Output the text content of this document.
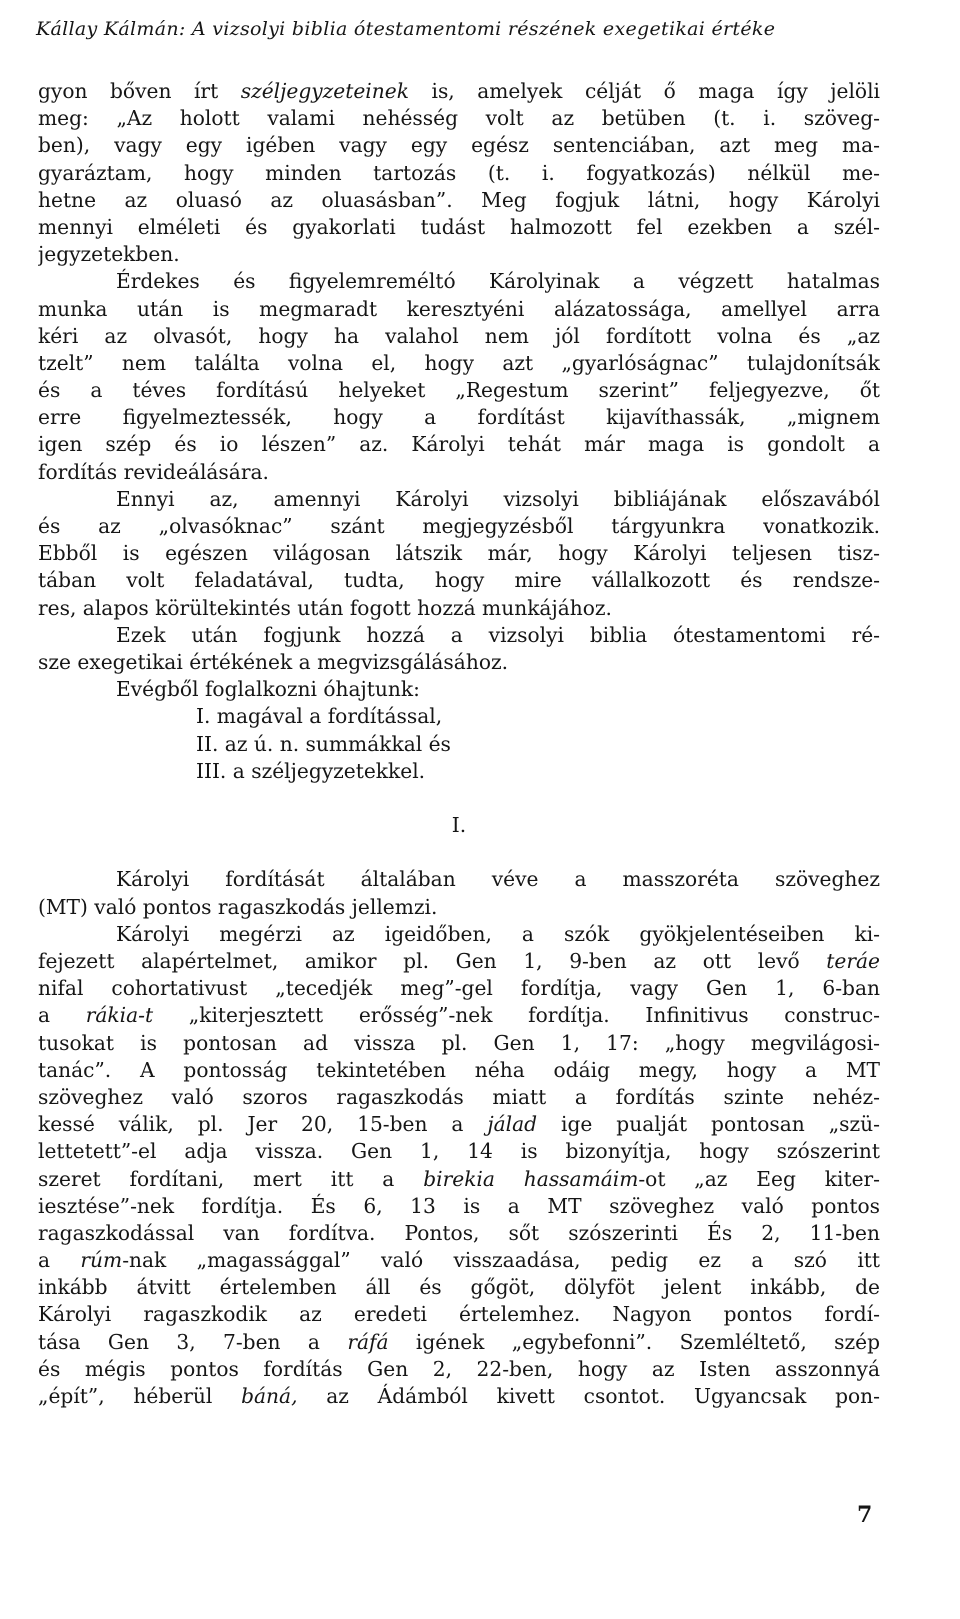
Kállay Kálmán: A vizsolyi biblia ótestamentomi részének exegetikai értéke
gyon bőven írt széljegyzeteinek is, amelyek célját ő maga így jelöli
meg: „Az holott valami nehésség volt az betüben (t. i. szöveg-
ben), vagy egy igében vagy egy egész sentenciában, azt meg ma-
gyaráztam, hogy minden tartozás (t. i. fogyatkozás) nélkül me-
hetne az oluasó az oluasásban”. Meg fogjuk látni, hogy Károlyi
mennyi elméleti és gyakorlati tudást halmozott fel ezekben a szél-
jegyzetekben.
Érdekes és figyelemreméltó Károlyinak a végzett hatalmas
munka után is megmaradt keresztyéni alázatossága, amellyel arra
kéri az olvasót, hogy ha valahol nem jól fordított volna és „az
tzelt” nem találta volna el, hogy azt „gyarlóságnac” tulajdonítsák
és a téves fordítású helyeket „Regestum szerint” feljegyezve, őt
erre figyelmeztessék, hogy a fordítást kijavíthassák, „mignem
igen szép és io lészen” az. Károlyi tehát már maga is gondolt a
fordítás revideálására.
Ennyi az, amennyi Károlyi vizsolyi bibliájának előszavából
és az „olvasóknac” szánt megjegyzésből tárgyunkra vonatkozik.
Ebből is egészen világosan látszik már, hogy Károlyi teljesen tisz-
tában volt feladatával, tudta, hogy mire vállalkozott és rendsze-
res, alapos körültekintés után fogott hozzá munkájához.
Ezek után fogjunk hozzá a vizsolyi biblia ótestamentomi ré-
sze exegetikai értékének a megvizsgálásához.
Evégből foglalkozni óhajtunk:
I. magával a fordítással,
II. az ú. n. summákkal és
III. a széljegyzetekkel.
I.
Károlyi fordítását általában véve a masszoréta szöveghez
(MT) való pontos ragaszkodás jellemzi.
Károlyi megérzi az igeidőben, a szók gyökjelentéseiben ki-
fejezett alapértelmet, amikor pl. Gen 1, 9-ben az ott levő teráe
nifal cohortativust „tecedjék meg”-gel fordítja, vagy Gen 1, 6-ban
a rákia-t „kiterjesztett erősség”-nek fordítja. Infinitivus construc-
tusokat is pontosan ad vissza pl. Gen 1, 17: „hogy megvilágosi-
tanác”. A pontosság tekintetében néha odáig megy, hogy a MT
szöveghez való szoros ragaszkodás miatt a fordítás szinte nehéz-
kessé válik, pl. Jer 20, 15-ben a jálad ige pualját pontosan „szü-
lettetett”-el adja vissza. Gen 1, 14 is bizonyítja, hogy szószerint
szeret fordítani, mert itt a birekia hassamáim-ot „az Eeg kiter-
iesztése”-nek fordítja. És 6, 13 is a MT szöveghez való pontos
ragaszkodással van fordítva. Pontos, sőt szószerinti És 2, 11-ben
a rúm-nak „magassággal” való visszaadása, pedig ez a szó itt
inkább átvitt értelemben áll és gőgöt, dölyföt jelent inkább, de
Károlyi ragaszkodik az eredeti értelemhez. Nagyon pontos fordí-
tása Gen 3, 7-ben a ráfá igének „egybefonni”. Szemléltető, szép
és mégis pontos fordítás Gen 2, 22-ben, hogy az Isten asszonnyá
„épít”, héberül báná, az Ádámból kivett csontot. Ugyancsak pon-
7
